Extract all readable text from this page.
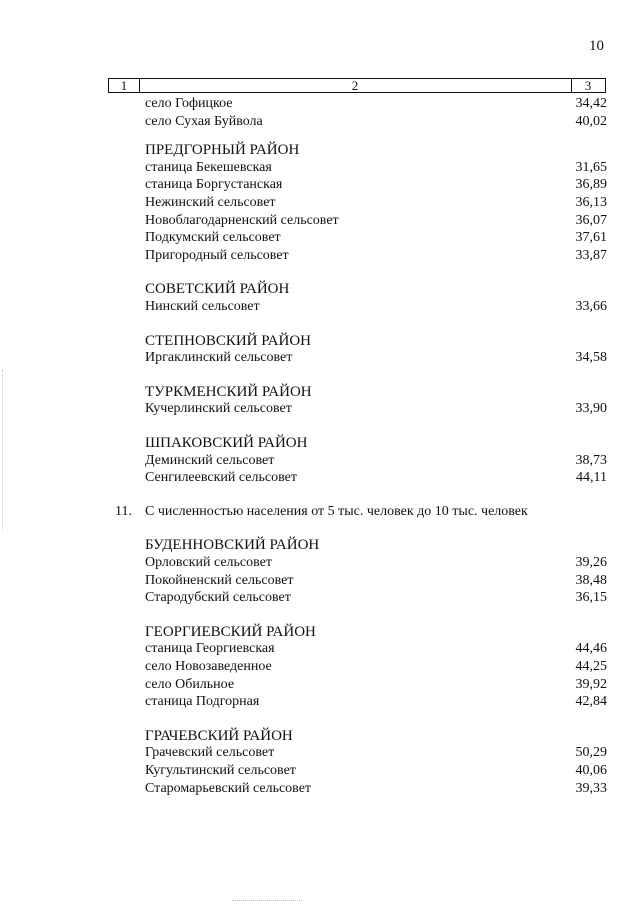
10
1	2	3
село Гофицкое	34,42
село Сухая Буйвола	40,02
ПРЕДГОРНЫЙ РАЙОН
станица Бекешевская	31,65
станица Боргустанская	36,89
Нежинский сельсовет	36,13
Новоблагодарненский сельсовет	36,07
Подкумский сельсовет	37,61
Пригородный сельсовет	33,87
СОВЕТСКИЙ РАЙОН
Нинский сельсовет	33,66
СТЕПНОВСКИЙ РАЙОН
Иргаклинский сельсовет	34,58
ТУРКМЕНСКИЙ РАЙОН
Кучерлинский сельсовет	33,90
ШПАКОВСКИЙ РАЙОН
Деминский сельсовет	38,73
Сенгилеевский сельсовет	44,11
11. С численностью населения от 5 тыс. человек до 10 тыс. человек
БУДЕННОВСКИЙ РАЙОН
Орловский сельсовет	39,26
Покойненский сельсовет	38,48
Стародубский сельсовет	36,15
ГЕОРГИЕВСКИЙ РАЙОН
станица Георгиевская	44,46
село Новозаведенное	44,25
село Обильное	39,92
станица Подгорная	42,84
ГРАЧЕВСКИЙ РАЙОН
Грачевский сельсовет	50,29
Кугультинский сельсовет	40,06
Старомарьевский сельсовет	39,33
